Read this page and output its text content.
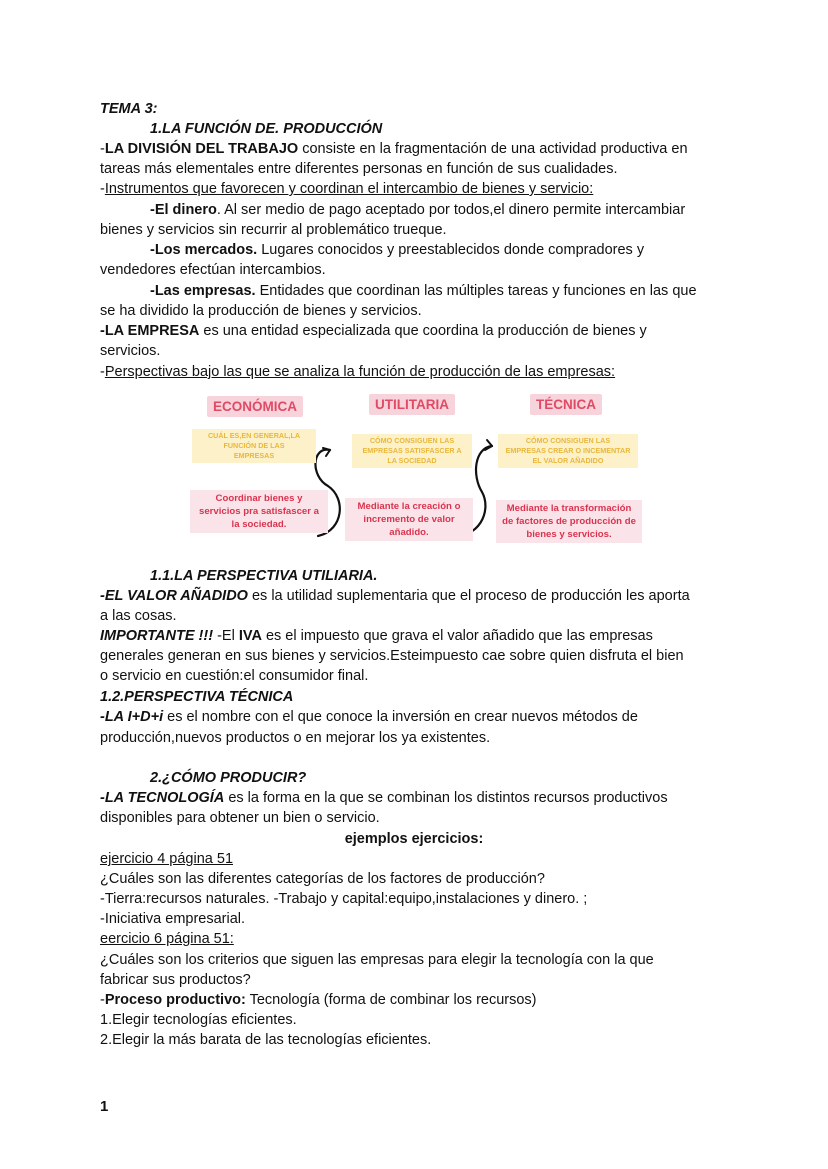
TEMA 3:
1.LA FUNCIÓN DE. PRODUCCIÓN
-LA DIVISIÓN DEL TRABAJO consiste en la fragmentación de una actividad productiva en
tareas más elementales entre diferentes personas en función de sus cualidades.
-Instrumentos que favorecen y coordinan el intercambio de bienes y servicio:
-El dinero. Al ser medio de pago aceptado por todos,el dinero permite intercambiar
bienes y servicios sin recurrir al problemático trueque.
-Los mercados. Lugares conocidos y preestablecidos donde compradores y
vendedores efectúan intercambios.
-Las empresas. Entidades que coordinan las múltiples tareas y funciones en las que
se ha dividido la producción de bienes y servicios.
-LA EMPRESA es una entidad especializada que coordina la producción de bienes y
servicios.
-Perspectivas bajo las que se analiza la función de producción de las empresas:
ECONÓMICA	UTILITARIA	TÉCNICA
CUÁL ES,EN GENERAL,LA
FUNCIÓN DE LAS
EMPRESAS
CÓMO CONSIGUEN LAS
EMPRESAS SATISFASCER A
LA SOCIEDAD
CÓMO CONSIGUEN LAS
EMPRESAS CREAR O INCEMENTAR
EL VALOR AÑADIDO
Coordinar bienes y
servicios pra satisfascer a
la sociedad.
Mediante la creación o
incremento de valor
añadido.
Mediante la transformación
de factores de producción de
bienes y servicios.
1.1.LA PERSPECTIVA UTILIARIA.
-EL VALOR AÑADIDO es la utilidad suplementaria que el proceso de producción les aporta
a las cosas.
IMPORTANTE !!! -El IVA es el impuesto que grava el valor añadido que las empresas
generales generan en sus bienes y servicios.Esteimpuesto cae sobre quien disfruta el bien
o servicio en cuestión:el consumidor final.
1.2.PERSPECTIVA TÉCNICA
-LA I+D+i es el nombre con el que conoce la inversión en crear nuevos métodos de
producción,nuevos productos o en mejorar los ya existentes.
2.¿CÓMO PRODUCIR?
-LA TECNOLOGÍA es la forma en la que se combinan los distintos recursos productivos
disponibles para obtener un bien o servicio.
ejemplos ejercicios:
ejercicio 4 página 51
¿Cuáles son las diferentes categorías de los factores de producción?
-Tierra:recursos naturales. -Trabajo y capital:equipo,instalaciones y dinero. ;
-Iniciativa empresarial.
eercicio 6 página 51:
¿Cuáles son los criterios que siguen las empresas para elegir la tecnología con la que
fabricar sus productos?
-Proceso productivo: Tecnología (forma de combinar los recursos)
1.Elegir tecnologías eficientes.
2.Elegir la más barata de las tecnologías eficientes.
1
